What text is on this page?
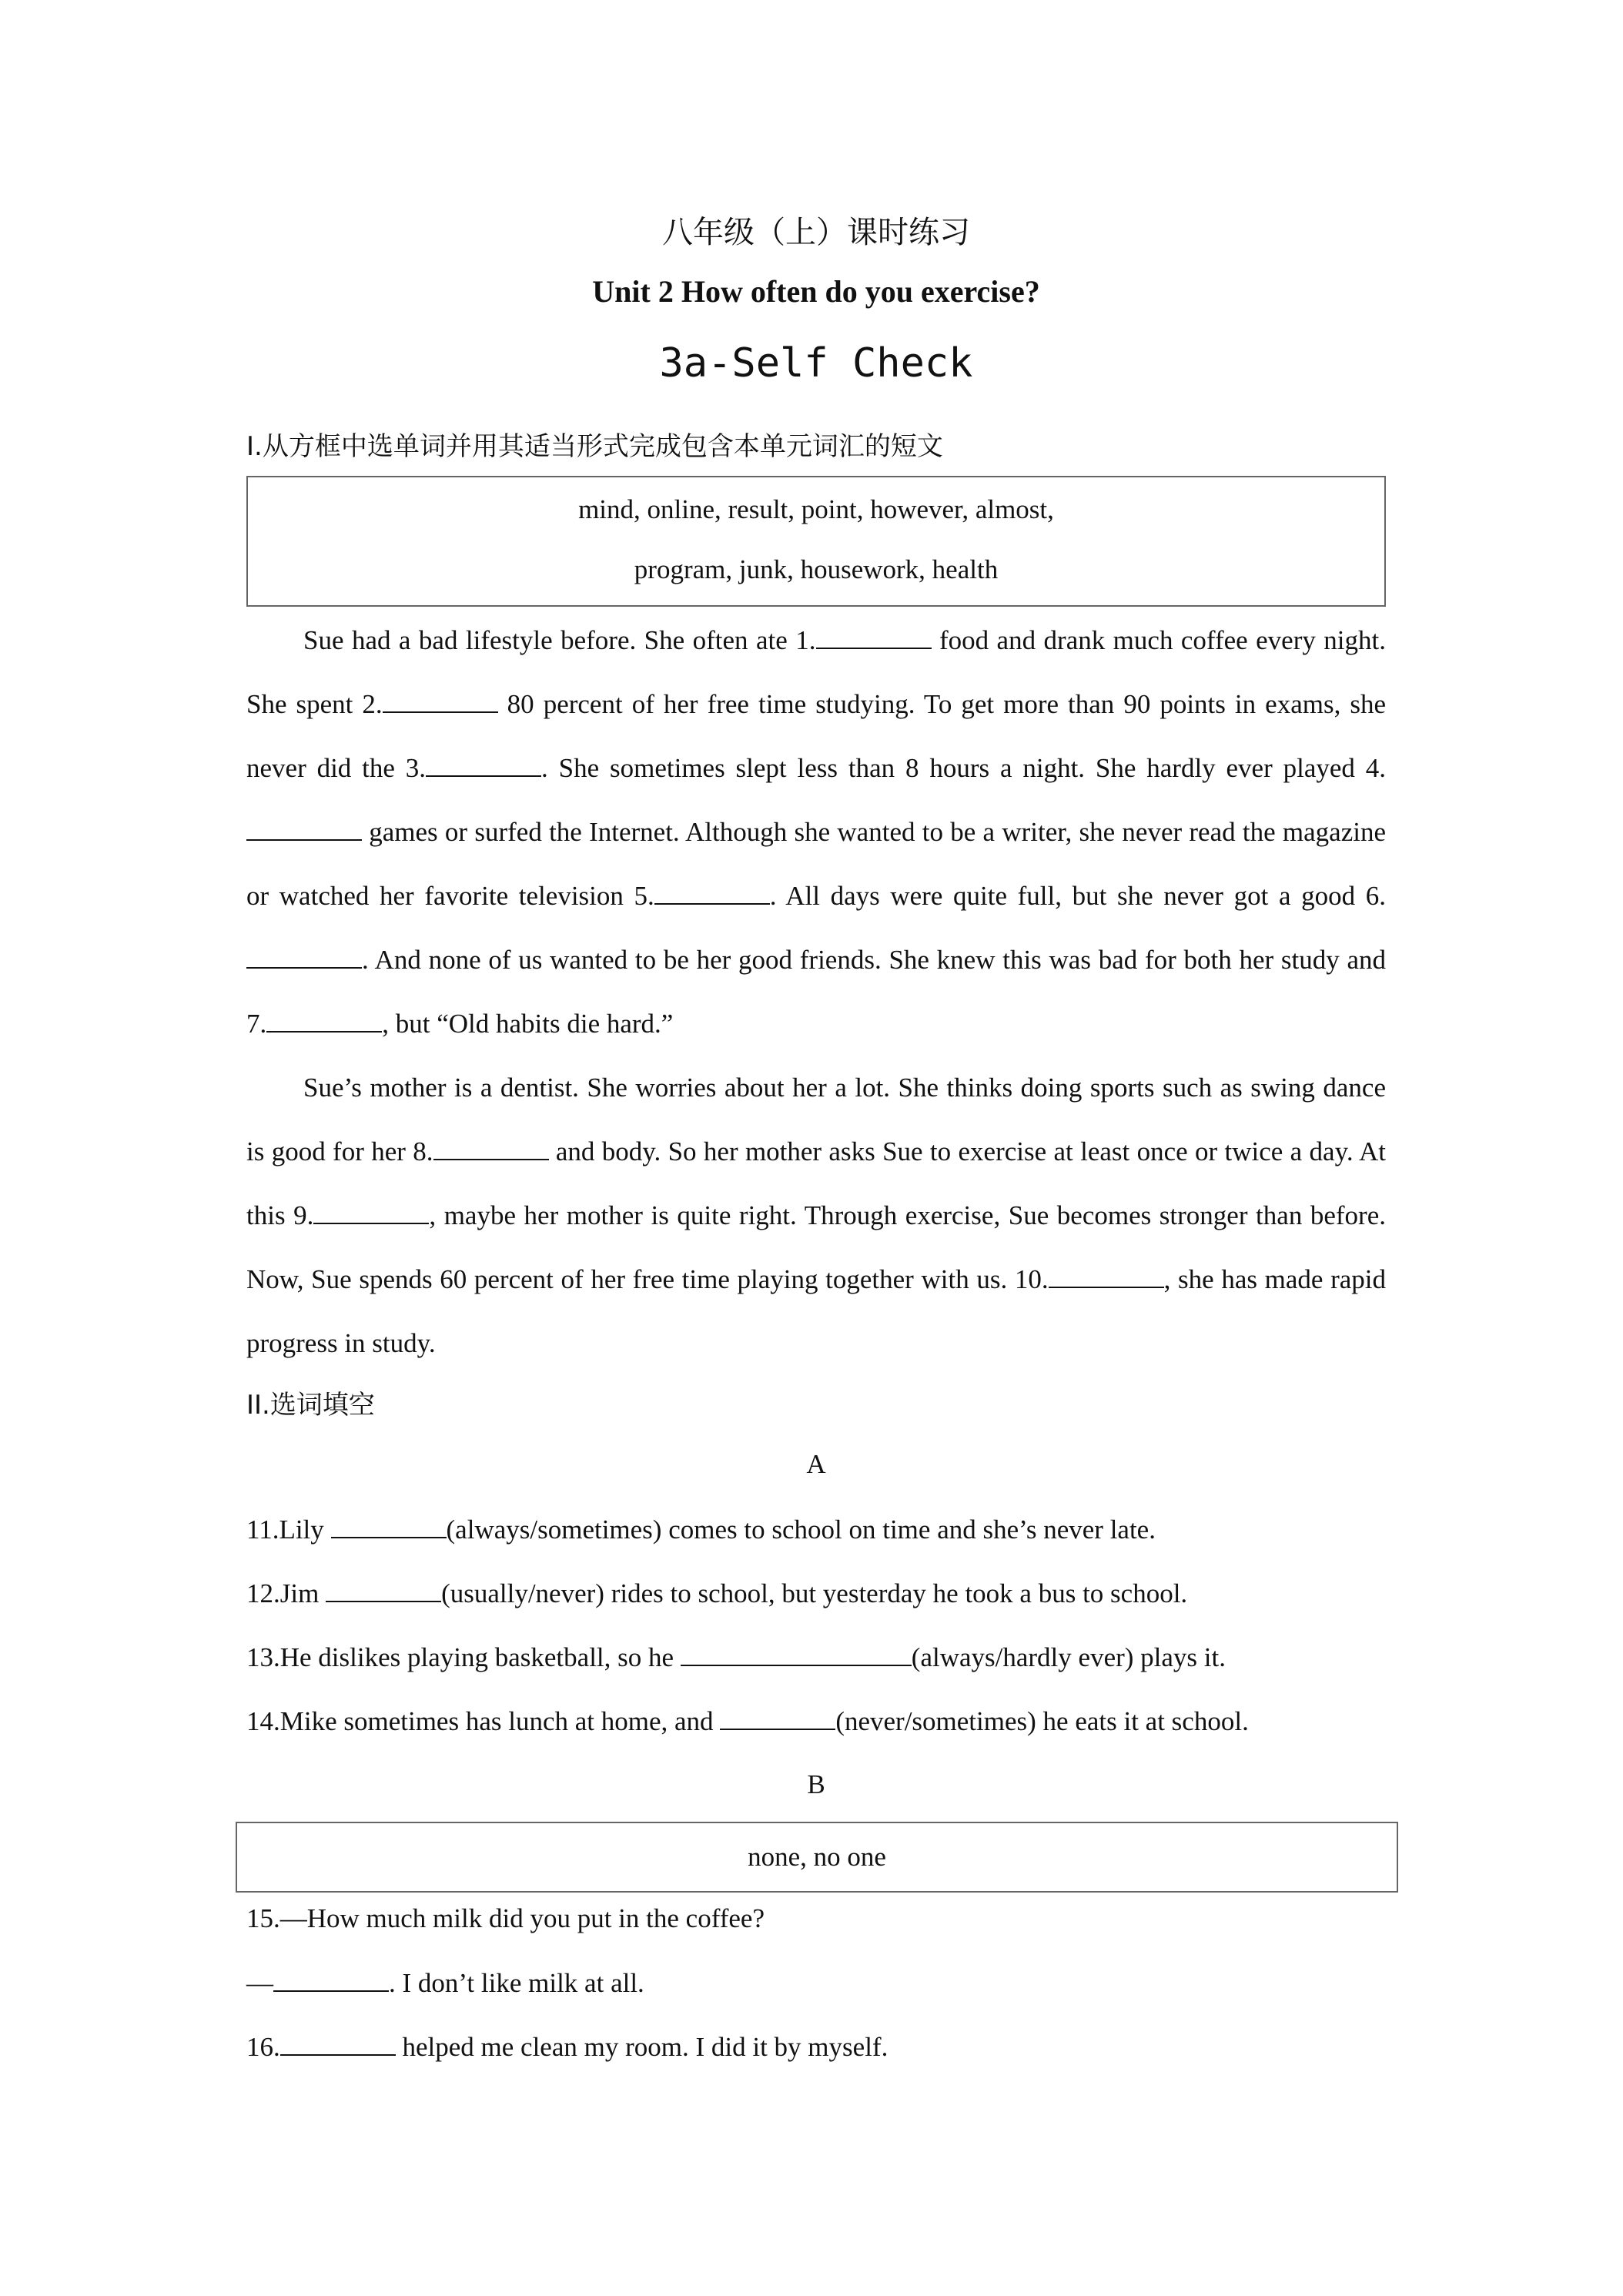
八年级（上）课时练习
Unit 2 How often do you exercise?
3a-Self Check
I.从方框中选单词并用其适当形式完成包含本单元词汇的短文
mind, online, result, point, however, almost,
program, junk, housework, health

Sue had a bad lifestyle before. She often ate 1.	food and drank much coffee every night. She spent 2.	80 percent of her free time studying. To get more than 90 points in exams, she never did the 3.	. She sometimes slept less than 8 hours a night. She hardly ever played 4. games or surfed the Internet. Although she wanted to be a writer, she never read the magazine or watched her favorite television 5.	. All days were quite full, but she never got a good 6.. And none of us wanted to be her good friends. She knew this was bad for both her study and 7.	, but “Old habits die hard.”

Sue’s mother is a dentist. She worries about her a lot. She thinks doing sports such as swing dance is good for her 8.	and body. So her mother asks Sue to exercise at least once or twice a day. At this 9.	, maybe her mother is quite right. Through exercise, Sue becomes stronger than before. Now, Sue spends 60 percent of her free time playing together with us. 10.	, she has made rapid progress in study.

II.选词填空
A
11.Lily	(always/sometimes) comes to school on time and she’s never late.
12.Jim	(usually/never) rides to school, but yesterday he took a bus to school.
13.He dislikes playing basketball, so he	(always/hardly ever) plays it.
14.Mike sometimes has lunch at home, and	(never/sometimes) he eats it at school.
B
none, no one
15.—How much milk did you put in the coffee?
—	. I don’t like milk at all.
16.	helped me clean my room. I did it by myself.
